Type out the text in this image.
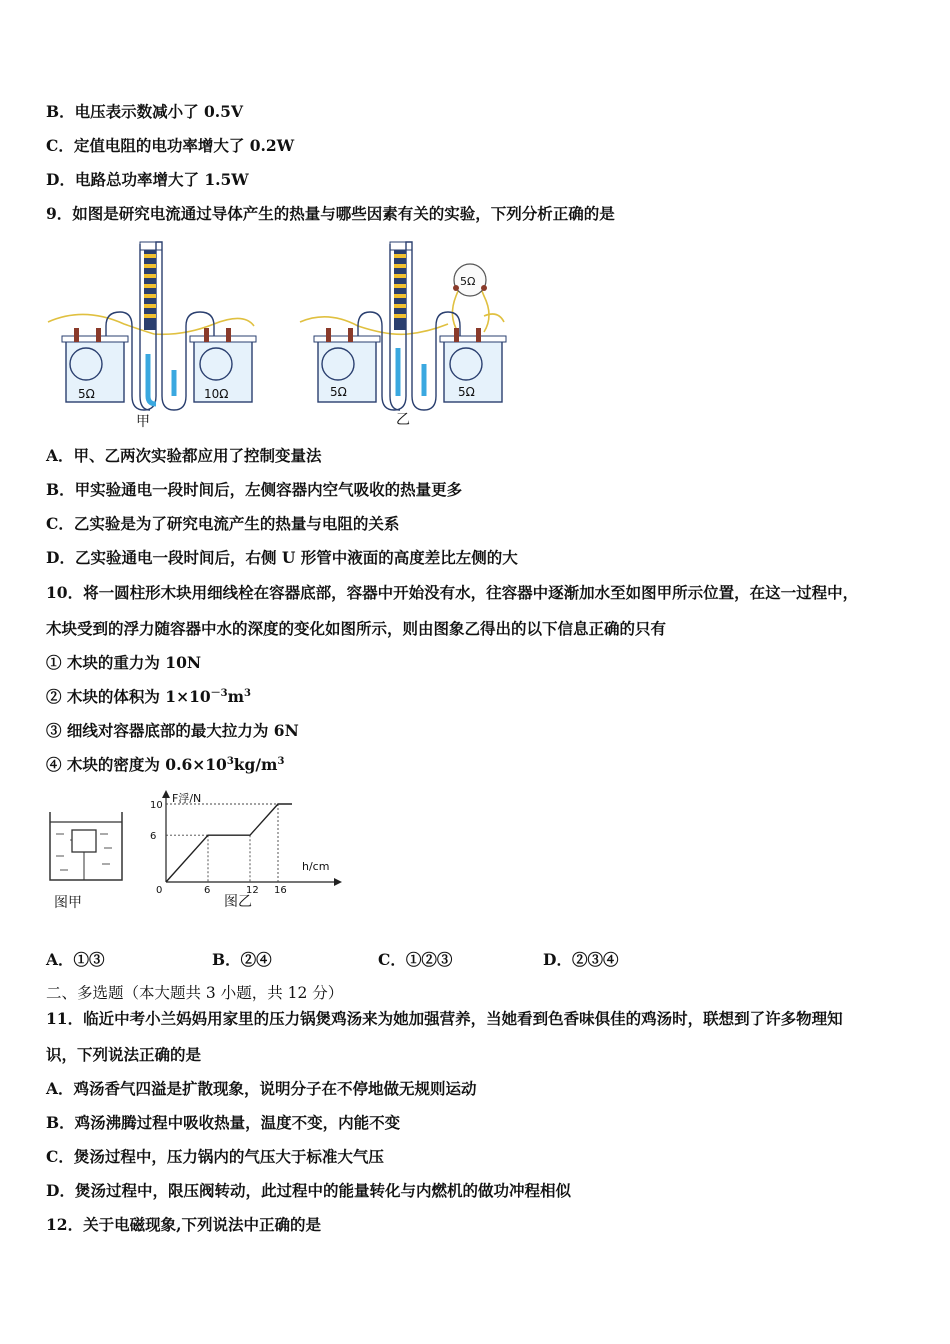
B．电压表示数减小了 0.5V
C．定值电阻的电功率增大了 0.2W
D．电路总功率增大了 1.5W
9．如图是研究电流通过导体产生的热量与哪些因素有关的实验，下列分析正确的是
5Ω	10Ω
甲
5Ω
5Ω	5Ω
乙
A．甲、乙两次实验都应用了控制变量法
B．甲实验通电一段时间后，左侧容器内空气吸收的热量更多
C．乙实验是为了研究电流产生的热量与电阻的关系
D．乙实验通电一段时间后，右侧 U 形管中液面的高度差比左侧的大
10．将一圆柱形木块用细线栓在容器底部，容器中开始没有水，往容器中逐渐加水至如图甲所示位置，在这一过程中，
木块受到的浮力随容器中水的深度的变化如图所示，则由图象乙得出的以下信息正确的只有
① 木块的重力为 10N
② 木块的体积为 $1\times 10^{-3}m^3$
③ 细线对容器底部的最大拉力为 6N
④ 木块的密度为 $0.6\times 10^3kg/m^3$
图甲
F浮/N
h/cm
0	6	12 16
6
10
图乙
A．①③	B．②④	C．①②③	D．②③④
二、多选题（本大题共 3 小题，共 12 分）
11．临近中考小兰妈妈用家里的压力锅煲鸡汤来为她加强营养，当她看到色香味俱佳的鸡汤时，联想到了许多物理知
识，下列说法正确的是
A．鸡汤香气四溢是扩散现象，说明分子在不停地做无规则运动
B．鸡汤沸腾过程中吸收热量，温度不变，内能不变
C．煲汤过程中，压力锅内的气压大于标准大气压
D．煲汤过程中，限压阀转动，此过程中的能量转化与内燃机的做功冲程相似
12．关于电磁现象,下列说法中正确的是
